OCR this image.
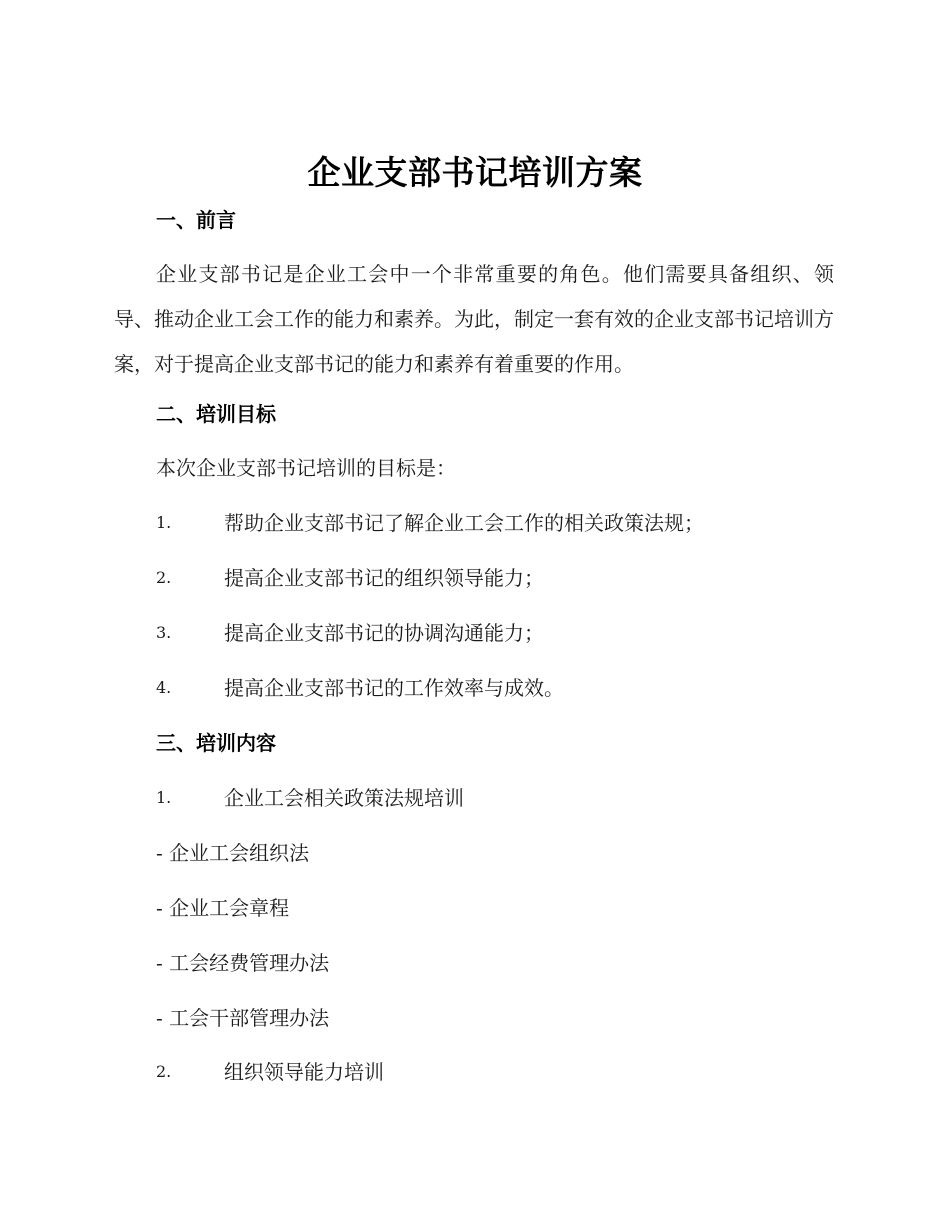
企业支部书记培训方案
一、前言
企业支部书记是企业工会中一个非常重要的角色。他们需要具备组织、领导、推动企业工会工作的能力和素养。为此，制定一套有效的企业支部书记培训方案，对于提高企业支部书记的能力和素养有着重要的作用。
二、培训目标
本次企业支部书记培训的目标是：
1.	帮助企业支部书记了解企业工会工作的相关政策法规；
2.	提高企业支部书记的组织领导能力；
3.	提高企业支部书记的协调沟通能力；
4.	提高企业支部书记的工作效率与成效。
三、培训内容
1.	企业工会相关政策法规培训
- 企业工会组织法
- 企业工会章程
- 工会经费管理办法
- 工会干部管理办法
2.	组织领导能力培训
